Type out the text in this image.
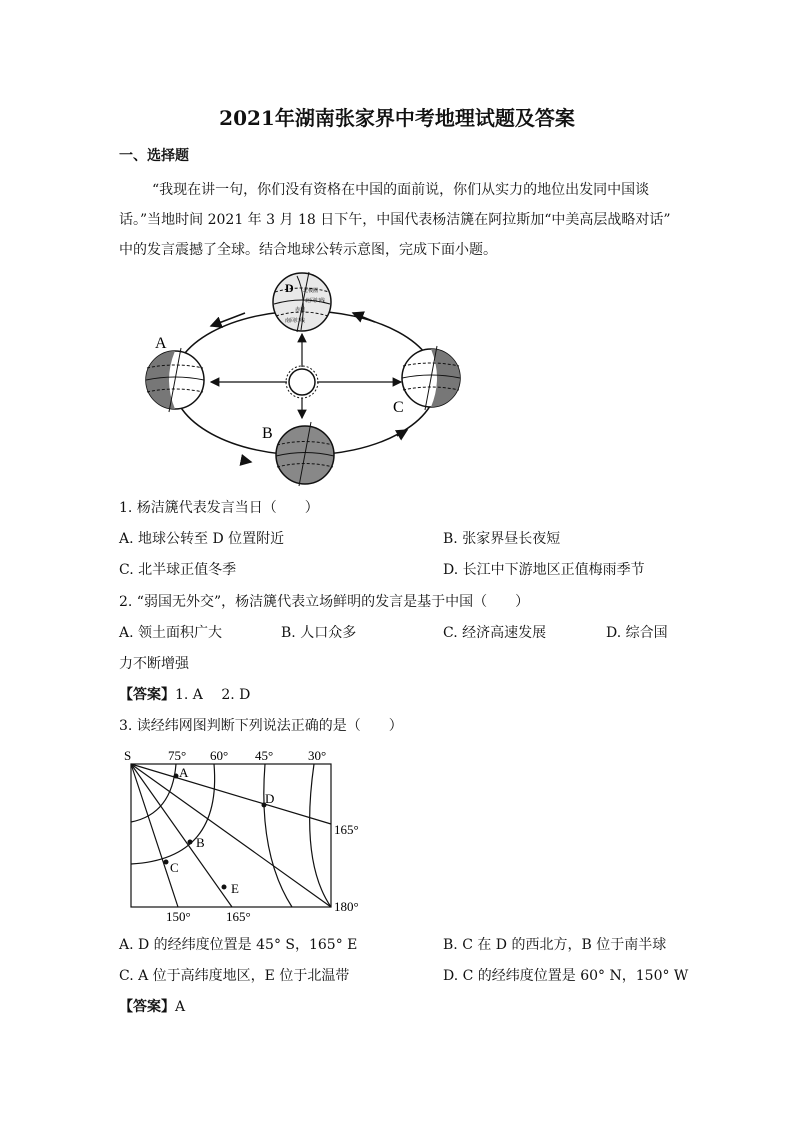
2021年湖南张家界中考地理试题及答案
一、选择题
“我现在讲一句，你们没有资格在中国的面前说，你们从实力的地位出发同中国谈
话。”当地时间 2021 年 3 月 18 日下午，中国代表杨洁篪在阿拉斯加“中美高层战略对话”
中的发言震撼了全球。结合地球公转示意图，完成下面小题。
D 北极圈
北回归线
赤道
南回归线
A
C
B
1. 杨洁篪代表发言当日（　　）
A. 地球公转至 D 位置附近	B. 张家界昼长夜短
C. 北半球正值冬季	D. 长江中下游地区正值梅雨季节
2. “弱国无外交”，杨洁篪代表立场鲜明的发言是基于中国（　　）
A. 领土面积广大	B. 人口众多	C. 经济高速发展	D. 综合国
力不断增强
【答案】1. A　 2. D
3. 读经纬网图判断下列说法正确的是（　　）
S	75° 60° 45°	30°
165°
180°
150°	165°
A
B
C
D
E
A. D 的经纬度位置是 45° S，165° E	B. C 在 D 的西北方，B 位于南半球
C. A 位于高纬度地区，E 位于北温带	D. C 的经纬度位置是 60° N，150° W
【答案】A
